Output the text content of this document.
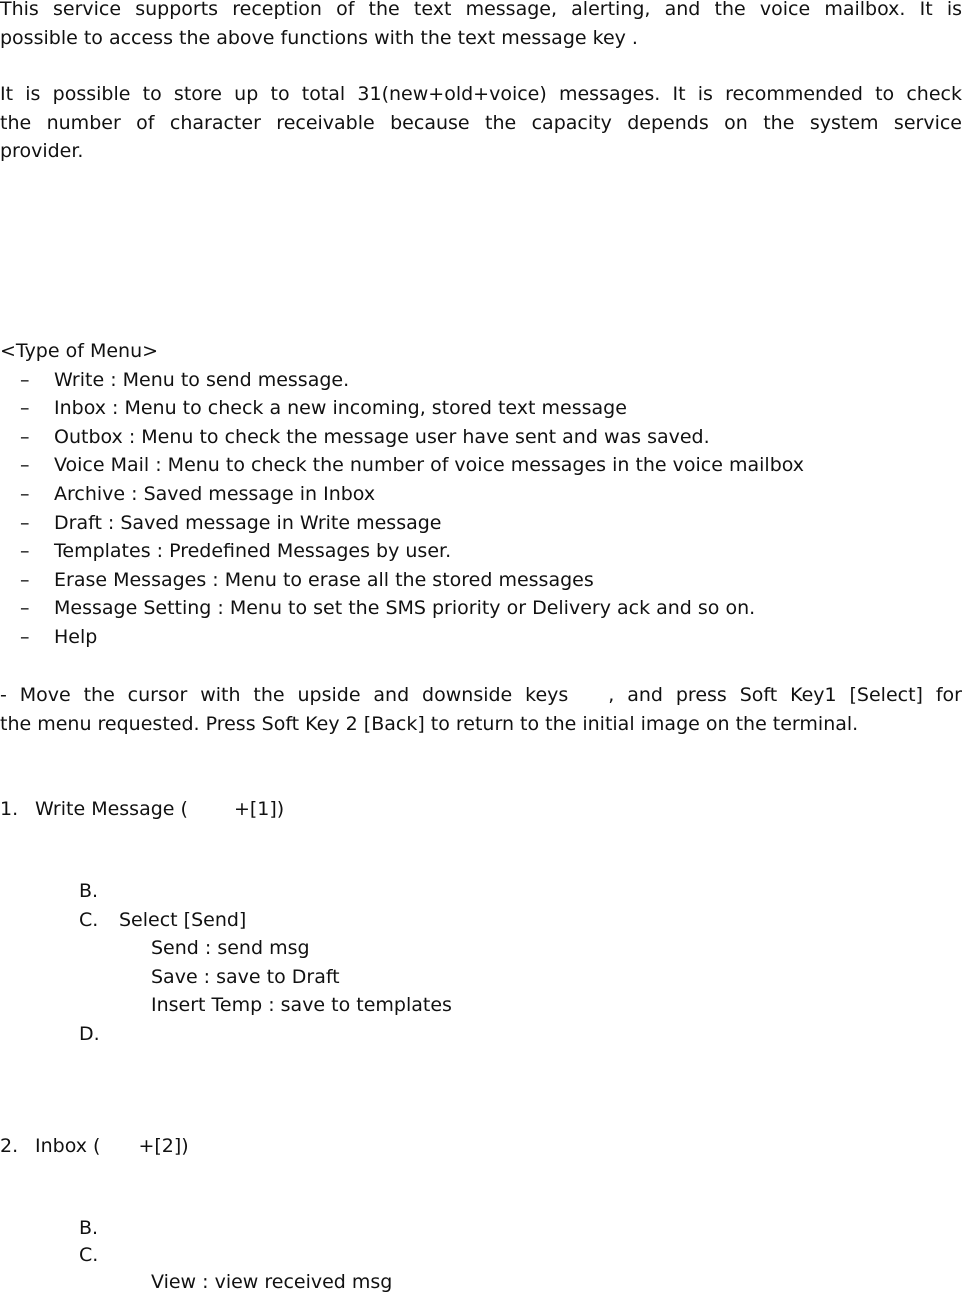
This service supports reception of the text message, alerting, and the voice mailbox. It is
possible to access the above functions with the text message key .
It is possible to store up to total 31(new+old+voice) messages. It is recommended to check
the number of character receivable because the capacity depends on the system service
provider.
<Type of Menu>
– Write : Menu to send message.
– Inbox : Menu to check a new incoming, stored text message
– Outbox : Menu to check the message user have sent and was saved.
– Voice Mail : Menu to check the number of voice messages in the voice mailbox
– Archive : Saved message in Inbox
– Draft : Saved message in Write message
– Templates : Predefined Messages by user.
– Erase Messages : Menu to erase all the stored messages
– Message Setting : Menu to set the SMS priority or Delivery ack and so on.
– Help
- Move the cursor with the upside and downside keys , and press Soft Key1 [Select] for
the menu requested. Press Soft Key 2 [Back] to return to the initial image on the terminal.
1. Write Message ( +[1])
B.
C. Select [Send]
Send : send msg
Save : save to Draft
Insert Temp : save to templates
D.
2. Inbox ( +[2])
B.
C.
View : view received msg
